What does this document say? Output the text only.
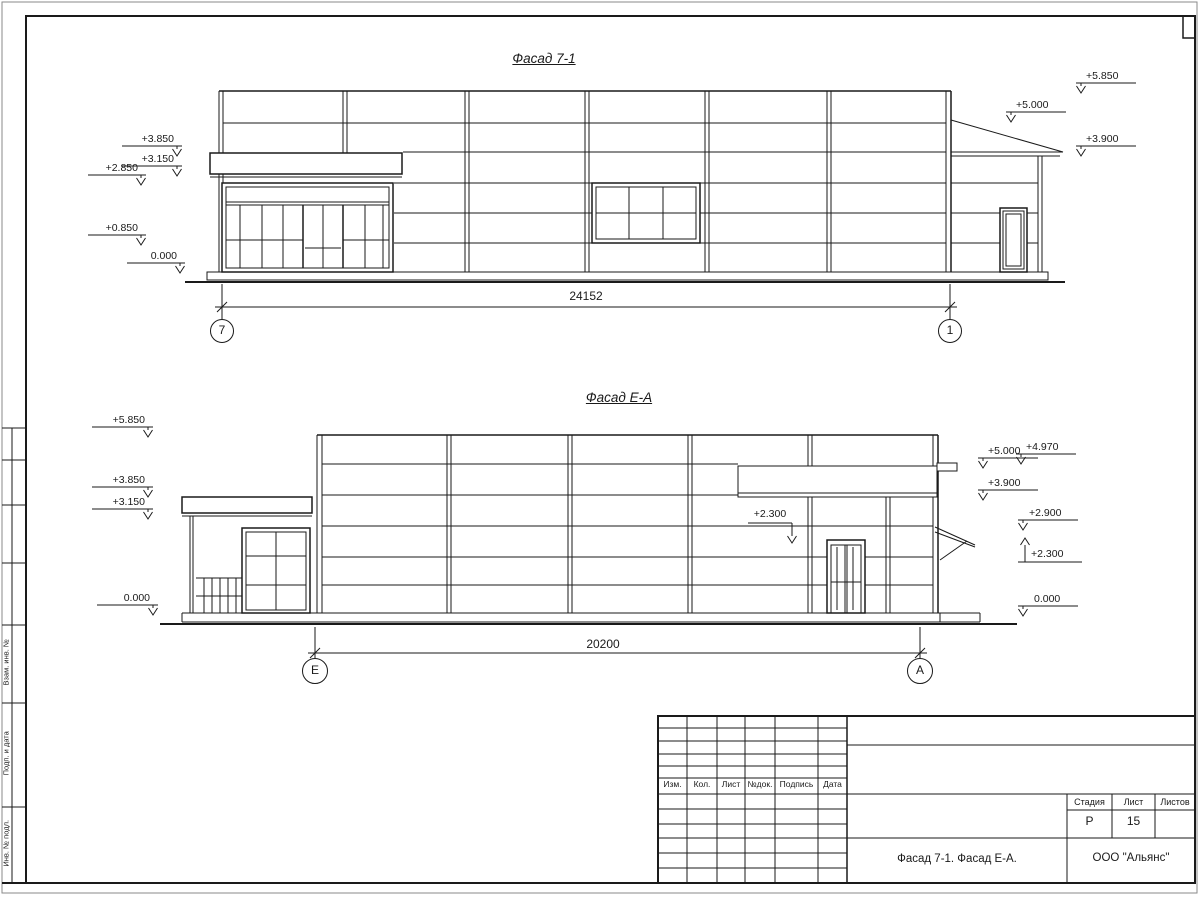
Фасад 7-1
Фасад Е-А
24152
20200
7	1
Е	А
+3.850
+3.150
+2.850
+0.850
0.000
+5.850
+5.000
+3.900
+5.850
+3.850
+3.150
0.000
+5.000
+3.900
+4.970
+2.900
+2.300
0.000
+2.300
Изм.	Кол.	Лист №док. Подпись	Дата
Стадия	Лист	Листов
Р	15
Фасад 7-1. Фасад Е-А.	ООО "Альянс"
Взам. инв. №
Подп. и дата
Инв. № подл.
